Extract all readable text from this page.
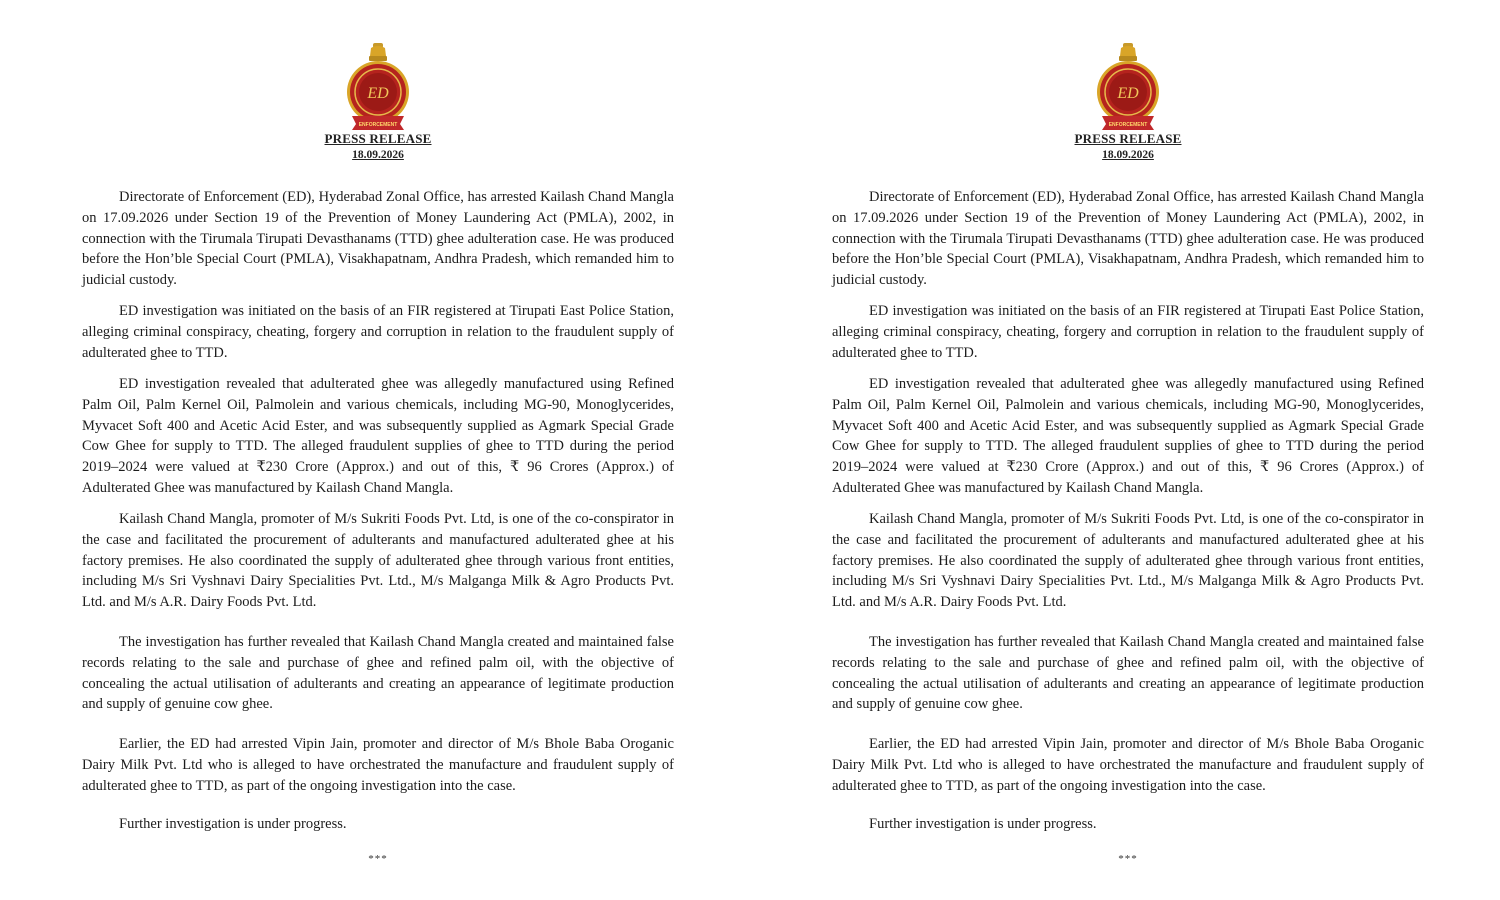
ED
ENFORCEMENT
PRESS RELEASE
18.09.2026

Directorate of Enforcement (ED), Hyderabad Zonal Office, has arrested Kailash Chand Mangla on 17.09.2026 under Section 19 of the Prevention of Money Laundering Act (PMLA), 2002, in connection with the Tirumala Tirupati Devasthanams (TTD) ghee adulteration case. He was produced before the Hon’ble Special Court (PMLA), Visakhapatnam, Andhra Pradesh, which remanded him to judicial custody.

ED investigation was initiated on the basis of an FIR registered at Tirupati East Police Station, alleging criminal conspiracy, cheating, forgery and corruption in relation to the fraudulent supply of adulterated ghee to TTD.

ED investigation revealed that adulterated ghee was allegedly manufactured using Refined Palm Oil, Palm Kernel Oil, Palmolein and various chemicals, including MG-90, Monoglycerides, Myvacet Soft 400 and Acetic Acid Ester, and was subsequently supplied as Agmark Special Grade Cow Ghee for supply to TTD. The alleged fraudulent supplies of ghee to TTD during the period 2019–2024 were valued at ₹230 Crore (Approx.) and out of this, ₹ 96 Crores (Approx.) of Adulterated Ghee was manufactured by Kailash Chand Mangla.

Kailash Chand Mangla, promoter of M/s Sukriti Foods Pvt. Ltd, is one of the co-conspirator in the case and facilitated the procurement of adulterants and manufactured adulterated ghee at his factory premises. He also coordinated the supply of adulterated ghee through various front entities, including M/s Sri Vyshnavi Dairy Specialities Pvt. Ltd., M/s Malganga Milk & Agro Products Pvt. Ltd. and M/s A.R. Dairy Foods Pvt. Ltd.

The investigation has further revealed that Kailash Chand Mangla created and maintained false records relating to the sale and purchase of ghee and refined palm oil, with the objective of concealing the actual utilisation of adulterants and creating an appearance of legitimate production and supply of genuine cow ghee.

Earlier, the ED had arrested Vipin Jain, promoter and director of M/s Bhole Baba Oroganic Dairy Milk Pvt. Ltd who is alleged to have orchestrated the manufacture and fraudulent supply of adulterated ghee to TTD, as part of the ongoing investigation into the case.

Further investigation is under progress.

***
ED
ENFORCEMENT
PRESS RELEASE
18.09.2026

Directorate of Enforcement (ED), Hyderabad Zonal Office, has arrested Kailash Chand Mangla on 17.09.2026 under Section 19 of the Prevention of Money Laundering Act (PMLA), 2002, in connection with the Tirumala Tirupati Devasthanams (TTD) ghee adulteration case. He was produced before the Hon’ble Special Court (PMLA), Visakhapatnam, Andhra Pradesh, which remanded him to judicial custody.

ED investigation was initiated on the basis of an FIR registered at Tirupati East Police Station, alleging criminal conspiracy, cheating, forgery and corruption in relation to the fraudulent supply of adulterated ghee to TTD.

ED investigation revealed that adulterated ghee was allegedly manufactured using Refined Palm Oil, Palm Kernel Oil, Palmolein and various chemicals, including MG-90, Monoglycerides, Myvacet Soft 400 and Acetic Acid Ester, and was subsequently supplied as Agmark Special Grade Cow Ghee for supply to TTD. The alleged fraudulent supplies of ghee to TTD during the period 2019–2024 were valued at ₹230 Crore (Approx.) and out of this, ₹ 96 Crores (Approx.) of Adulterated Ghee was manufactured by Kailash Chand Mangla.

Kailash Chand Mangla, promoter of M/s Sukriti Foods Pvt. Ltd, is one of the co-conspirator in the case and facilitated the procurement of adulterants and manufactured adulterated ghee at his factory premises. He also coordinated the supply of adulterated ghee through various front entities, including M/s Sri Vyshnavi Dairy Specialities Pvt. Ltd., M/s Malganga Milk & Agro Products Pvt. Ltd. and M/s A.R. Dairy Foods Pvt. Ltd.

The investigation has further revealed that Kailash Chand Mangla created and maintained false records relating to the sale and purchase of ghee and refined palm oil, with the objective of concealing the actual utilisation of adulterants and creating an appearance of legitimate production and supply of genuine cow ghee.

Earlier, the ED had arrested Vipin Jain, promoter and director of M/s Bhole Baba Oroganic Dairy Milk Pvt. Ltd who is alleged to have orchestrated the manufacture and fraudulent supply of adulterated ghee to TTD, as part of the ongoing investigation into the case.

Further investigation is under progress.

***
